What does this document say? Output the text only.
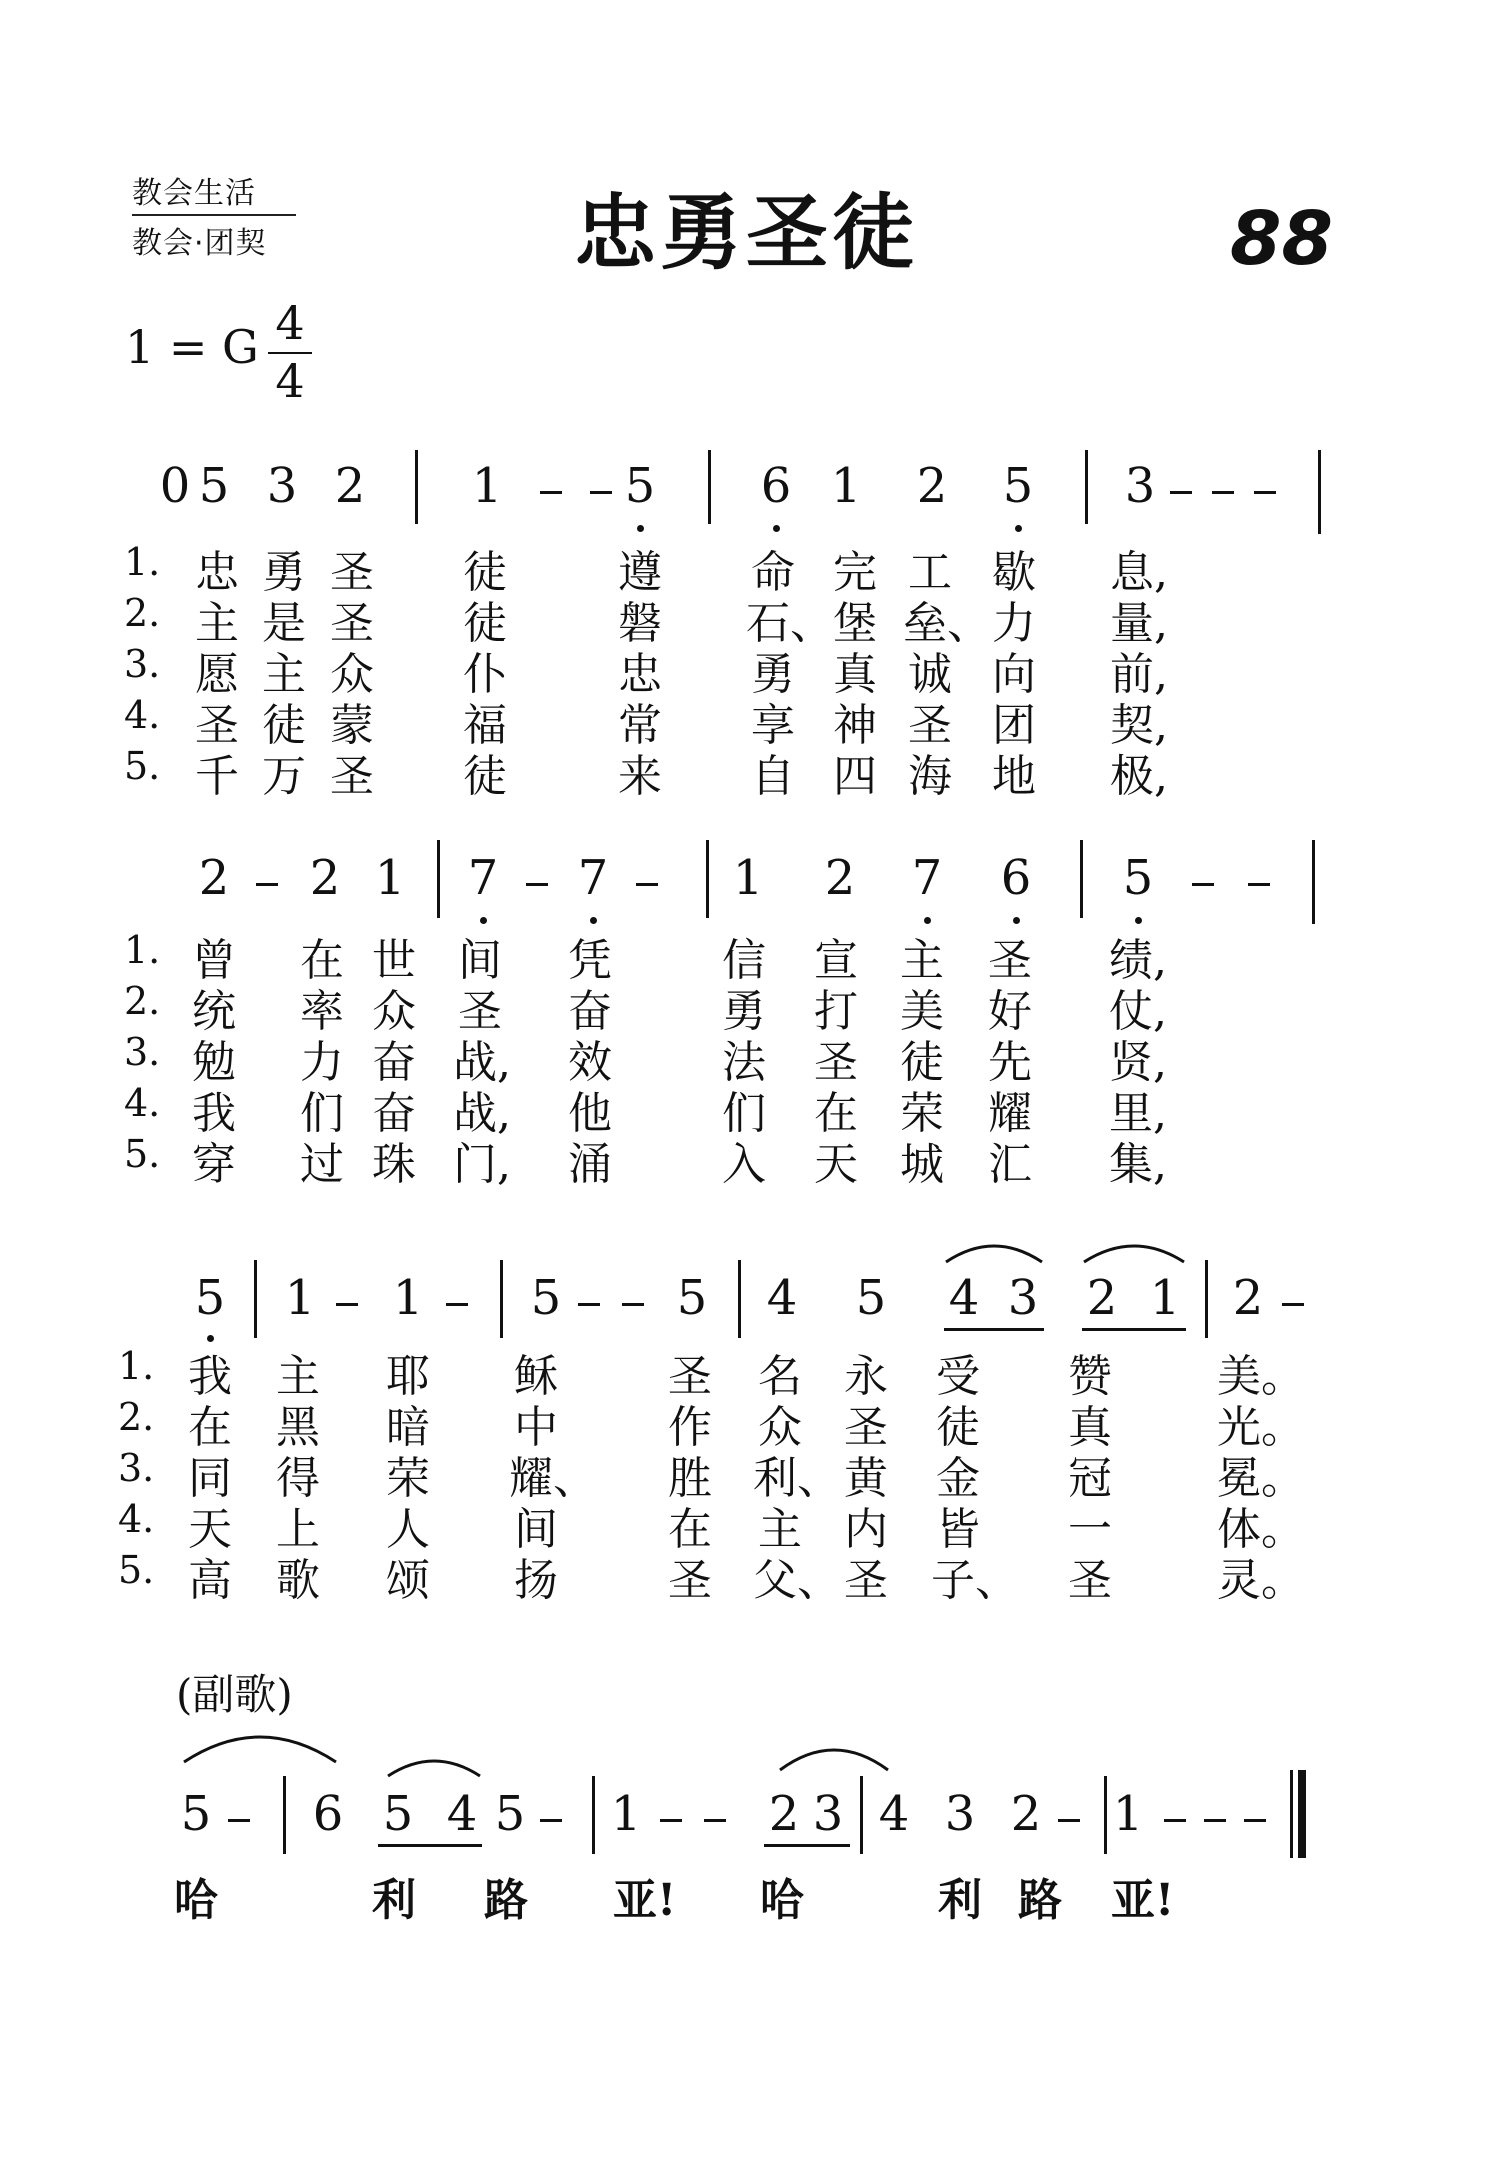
教会生活
教会·团契	忠勇圣徒	88
1 = G 4
4
0 5 3 2 1	5 6 1 2 5 3
1.
2.
3.
4.
5.
忠 勇 圣 徒	遵 命 完 工 歇 息,
主 是 圣 徒	磐 石、 堡 垒、 力 量,
愿 主 众 仆	忠 勇 真 诚 向 前,
圣 徒 蒙 福	常 享 神 圣 团 契,
千 万 圣 徒	来 自 四 海 地 极,
2 2 1 7 7	1 2 7 6 5
1.
2.
3.
4.
5.
曾 在 世 间 凭	信 宣 主 圣 绩,
统 率 众 圣 奋	勇 打 美 好 仗,
勉 力 奋 战, 效	法 圣 徒 先 贤,
我 们 奋 战, 他	们 在 荣 耀 里,
穿 过 珠 门, 涌	入 天 城 汇 集,
5 1 1 5 5 4 5 4 3 2 1 2
1.
2.
3.
4.
5.
我 主 耶 稣	圣 名 永 受 赞 美。
在 黑 暗 中	作 众 圣 徒 真 光。
同 得 荣 耀、 胜 利、 黄 金 冠 冕。
天 上 人 间	在 主 内 皆 一 体。
高 歌 颂 扬	圣 父、 圣 子、 圣 灵。
(副歌)
5 6 5 4 5 1	2 3 4 3 2 1
哈	利 路 亚! 哈	利 路 亚!
